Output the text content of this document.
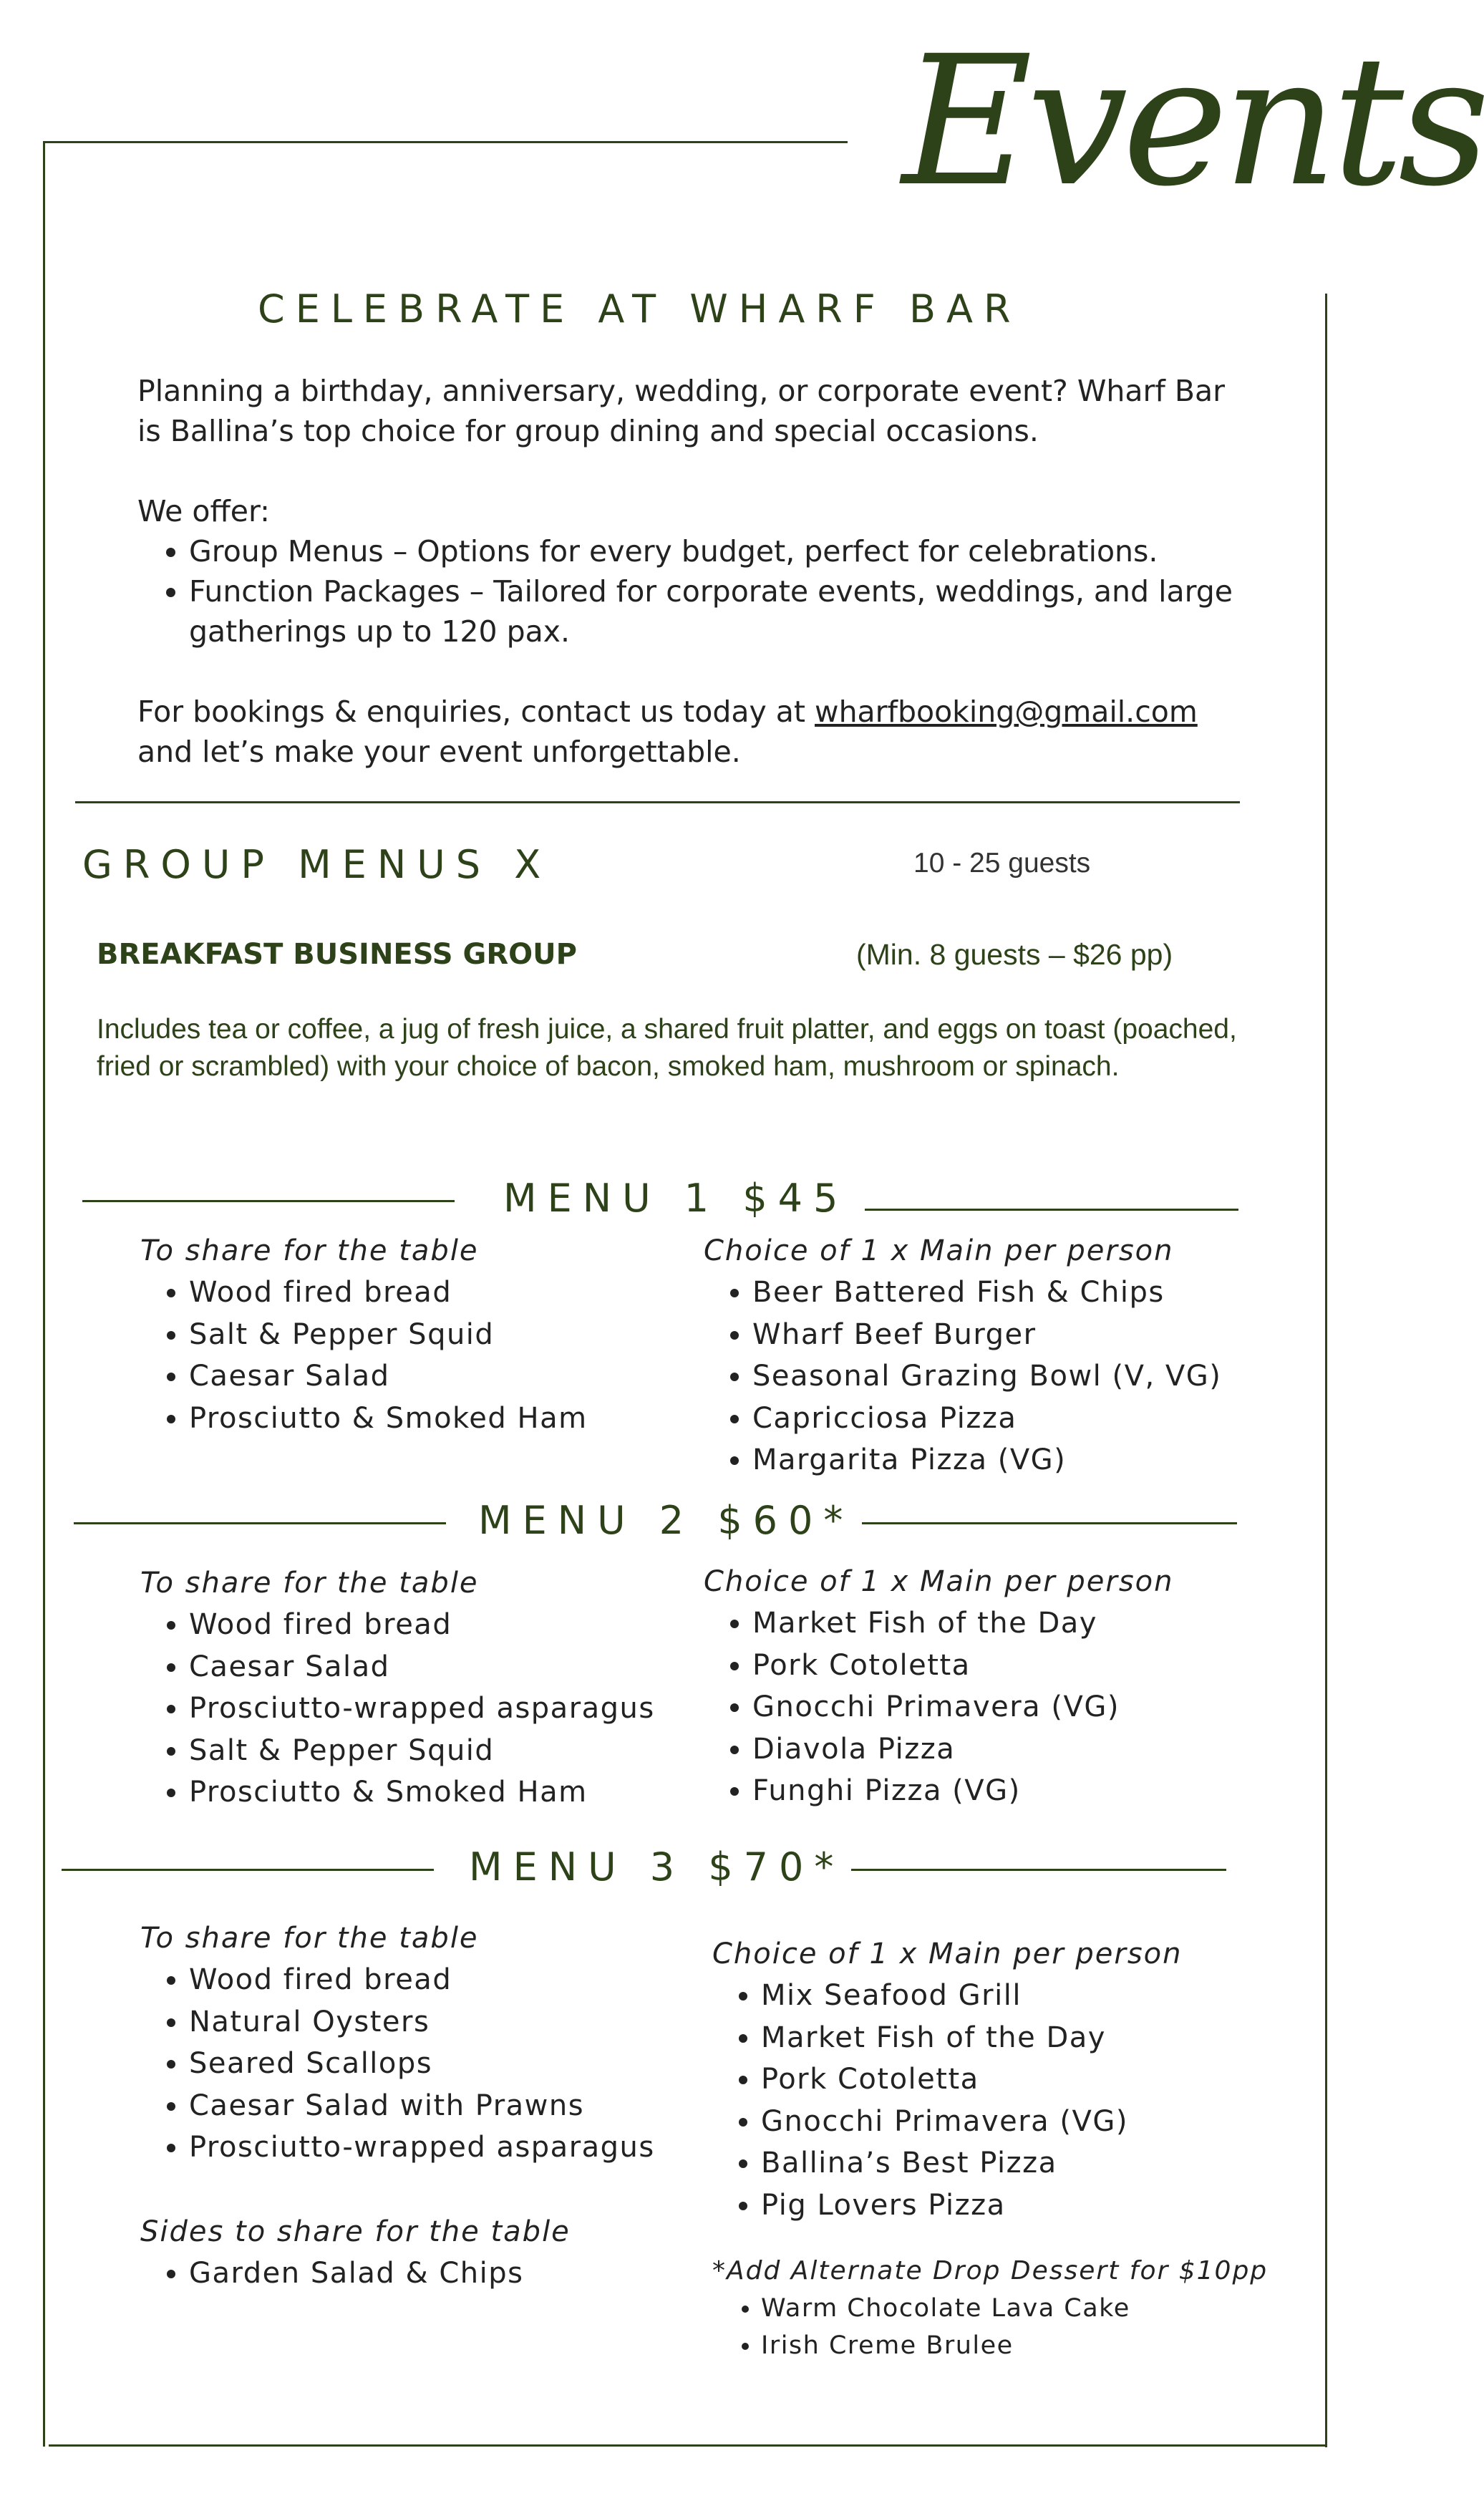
Events
CELEBRATE AT WHARF BAR

Planning a birthday, anniversary, wedding, or corporate event? Wharf Bar is Ballina’s top choice for group dining and special occasions.

We offer:

• Group Menus – Options for every budget, perfect for celebrations.
• Function Packages – Tailored for corporate events, weddings, and large gatherings up to 120 pax.

For bookings & enquiries, contact us today at wharfbooking@gmail.com and let’s make your event unforgettable.

GROUP MENUS X	10 - 25 guests
BREAKFAST BUSINESS GROUP	(Min. 8 guests – $26 pp)
Includes tea or coffee, a jug of fresh juice, a shared fruit platter, and eggs on toast (poached, fried or scrambled) with your choice of bacon, smoked ham, mushroom or spinach.
MENU 1 $45
To share for the table
• Wood fired bread
• Salt & Pepper Squid
• Caesar Salad
• Prosciutto & Smoked Ham
Choice of 1 x Main per person
• Beer Battered Fish & Chips
• Wharf Beef Burger
• Seasonal Grazing Bowl (V, VG)
• Capricciosa Pizza
• Margarita Pizza (VG)
MENU 2 $60*
To share for the table
• Wood fired bread
• Caesar Salad
• Prosciutto-wrapped asparagus
• Salt & Pepper Squid
• Prosciutto & Smoked Ham
Choice of 1 x Main per person
• Market Fish of the Day
• Pork Cotoletta
• Gnocchi Primavera (VG)
• Diavola Pizza
• Funghi Pizza (VG)
MENU 3 $70*
To share for the table
• Wood fired bread
• Natural Oysters
• Seared Scallops
• Caesar Salad with Prawns
• Prosciutto-wrapped asparagus
Sides to share for the table
• Garden Salad & Chips
Choice of 1 x Main per person
• Mix Seafood Grill
• Market Fish of the Day
• Pork Cotoletta
• Gnocchi Primavera (VG)
• Ballina’s Best Pizza
• Pig Lovers Pizza
*Add Alternate Drop Dessert for $10pp
• Warm Chocolate Lava Cake
• Irish Creme Brulee
